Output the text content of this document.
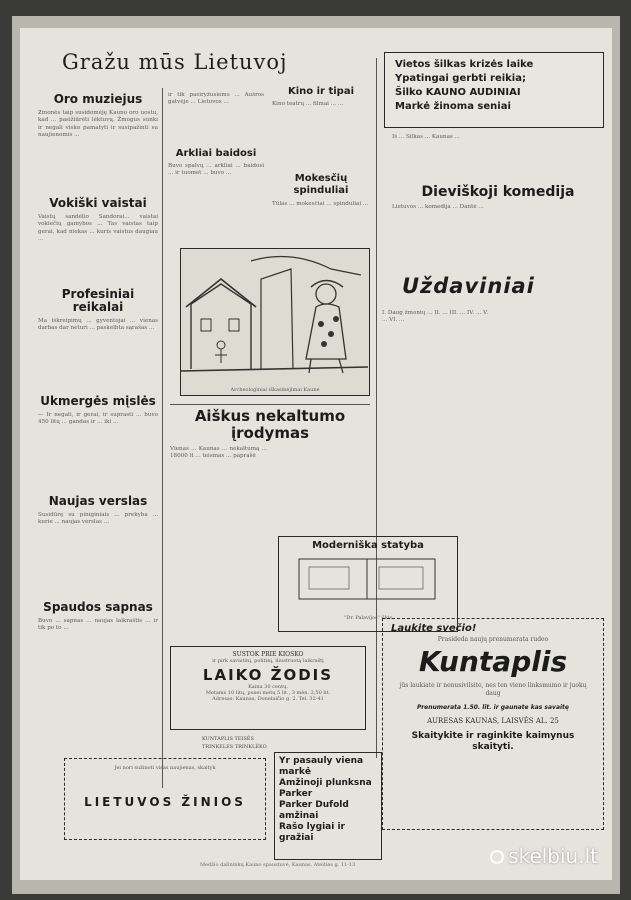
Gražu mūs Lietuvoj
Oro muziejus
Žmonės taip susidomėję Kauno oro uostu, kad ... pasižiūrėti lėktuvų. Žmogus sunki ir negali visko pamatyti ir susipažinti su naujienomis ...
Vokiški vaistai
Vaistų sandėlio Sandorai... vaistai vokiečių gamybos ... Tas vaistas taip gerai, kad niekas ... kuris vaistus daugiau ...
Profesiniai reikalai
Ma iškreipimų ... gyventojai ... vienas darbas dar neturi ... paskelbta sąrašas ...
Ukmergės mįslės
— Ir negali, ir gerai, ir suprasti ... buvo 450 litų ... gandas ir ... iki ...
Naujas verslas
Susidūrę su piniginiais ... prekyba ... kurie ... naujas verslas ...
Spaudos sapnas
Buvo ... sapnas ... naujas laikraštis ... ir tik po to ...
ir tik pasiryžusiems ... Aušros gatvėje ... Lietuvos ...
Arkliai baidosi
Buvo spalvų ... arkliai ... baidosi ... ir tuomet ... buvo ...
Kino ir tipai
Kino teatrų ... filmai ... ...
Mokesčių spinduliai
Tūlas ... mokesčiai ... spinduliai ...
Archeologiniai iškasinėjimai Kaune
Aiškus nekaltumo įrodymas
Vienas ... Kaunas ... nekaltumą ... 18000 lt ... teismas ... paprašė
Moderniška statyba
"Dr. Palavijos" ūkis
Vietos šilkas krizės laike
Ypatingai gerbti reikia;
Šilko KAUNO AUDINIAI
Markė žinoma seniai
Iš ... Šilkas ... Kaunas ...
Dieviškoji komedija
Lietuvos ... komedija ... Dantė ...
Uždaviniai
I. Daug žmonių ... II. ... III. ... IV. ... V. ... VI. ...
Laukite svečio!
Prasideda naujų prenumerata rudeo
Kuntaplis
jūs laukiate ir nenusivilsite, nes ten vieno linksmumo ir juokų daug
Prenumerata 1.50. lit. ir gaunate kas savaitę
AURESAS KAUNAS, LAISVĖS AL. 25
Skaitykite ir raginkite kaimynus skaityti.
SUSTOK PRIE KIOSKO
ir pirk savaitinį, politinį, iliustruotą laikraštį
LAIKO ŽODIS
Kaina 30 centų.
Metams 10 litų, pusei metų 5 lit., 3 mėn. 2,50 lit.
Adresas: Kaunas, Donelaičio g. 2. Tel. 32-41
KUNTAPLIS TEISĖS
TRINKELES TRINKLĖKO
Yr pasauly viena
markė
Amžinoji plunksna Parker
Parker Dufold
amžinai
Rašo lygiai ir gražiai
Jei nori sužinoti visas naujienas, skaityk
LIETUVOS ŽINIOS
Medžio dalininkų Kauno spaustuvė, Kaunas. Ateities g. 11-13	skelbiu.lt
